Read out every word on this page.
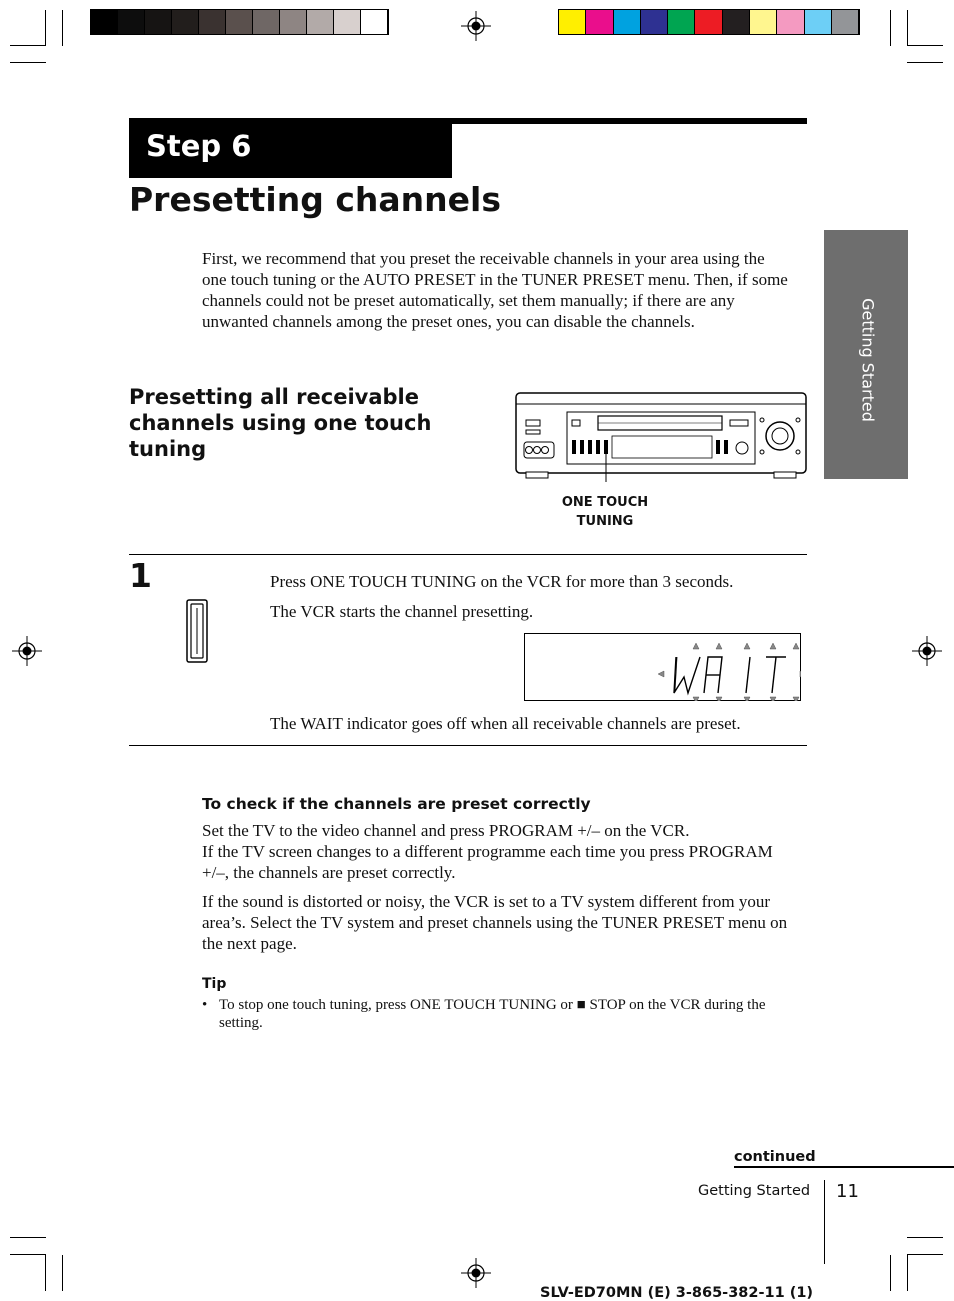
Step 6
Presetting channels
Getting Started
First, we recommend that you preset the receivable channels in your area using the one touch tuning or the AUTO PRESET in the TUNER PRESET menu. Then, if some channels could not be preset automatically, set them manually; if there are any unwanted channels among the preset ones, you can disable the channels.
Presetting all receivable channels using one touch tuning
ONE TOUCH
TUNING
1	Press ONE TOUCH TUNING on the VCR for more than 3 seconds.
The VCR starts the channel presetting.
The WAIT indicator goes off when all receivable channels are preset.
To check if the channels are preset correctly
Set the TV to the video channel and press PROGRAM +/– on the VCR.
If the TV screen changes to a different programme each time you press PROGRAM +/–, the channels are preset correctly.
If the sound is distorted or noisy, the VCR is set to a TV system different from your area’s. Select the TV system and preset channels using the TUNER PRESET menu on the next page.
Tip
• To stop one touch tuning, press ONE TOUCH TUNING or ■ STOP on the VCR during the setting.
continued
Getting Started 11
SLV-ED70MN (E) 3-865-382-11 (1)
